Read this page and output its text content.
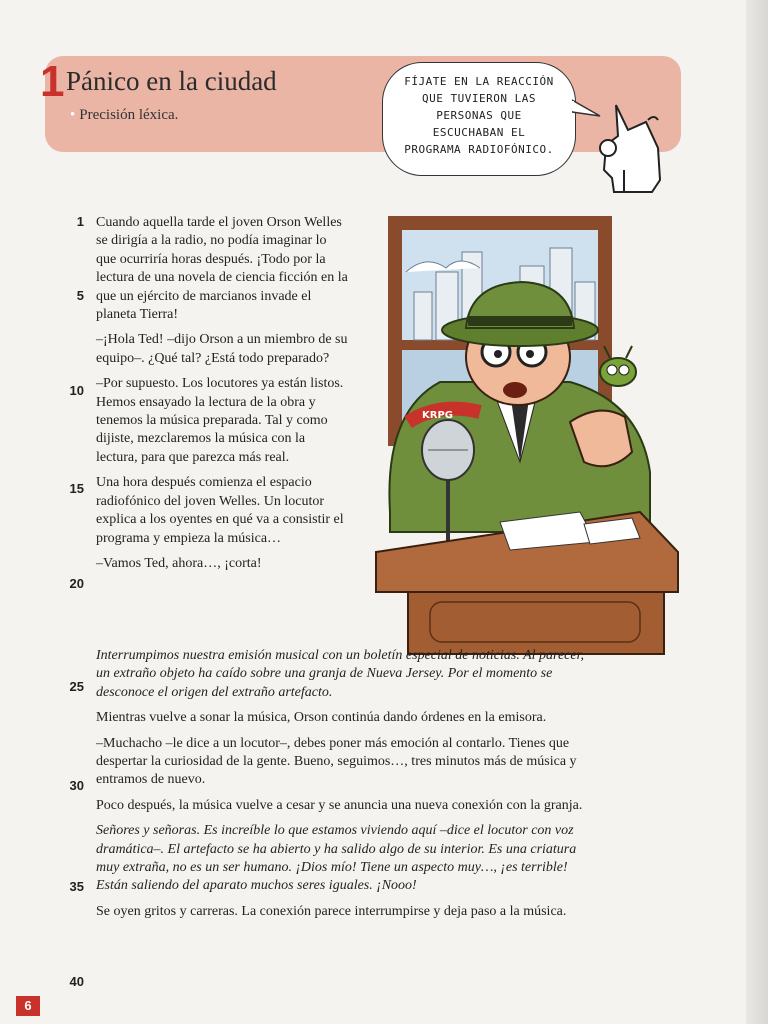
1 Pánico en la ciudad
• Precisión léxica.
FÍJATE EN LA REACCIÓN
QUE TUVIERON LAS
PERSONAS QUE
ESCUCHABAN EL
PROGRAMA RADIOFÓNICO.
KRPG
1
5
10
15
20
25
30
35
40

Cuando aquella tarde el joven Orson Welles se dirigía a la radio, no podía imaginar lo que ocurriría horas después. ¡Todo por la lectura de una novela de ciencia ficción en la que un ejército de marcianos invade el planeta Tierra!

–¡Hola Ted! –dijo Orson a un miembro de su equipo–. ¿Qué tal? ¿Está todo preparado?

–Por supuesto. Los locutores ya están listos. Hemos ensayado la lectura de la obra y tenemos la música preparada. Tal y como dijiste, mezclaremos la música con la lectura, para que parezca más real.

Una hora después comienza el espacio radiofónico del joven Welles. Un locutor explica a los oyentes en qué va a consistir el programa y empieza la música…

–Vamos Ted, ahora…, ¡corta!

Interrumpimos nuestra emisión musical con un boletín especial de noticias. Al parecer, un extraño objeto ha caído sobre una granja de Nueva Jersey. Por el momento se desconoce el origen del extraño artefacto.

Mientras vuelve a sonar la música, Orson continúa dando órdenes en la emisora.

–Muchacho –le dice a un locutor–, debes poner más emoción al contarlo. Tienes que despertar la curiosidad de la gente. Bueno, seguimos…, tres minutos más de música y entramos de nuevo.

Poco después, la música vuelve a cesar y se anuncia una nueva conexión con la granja.

Señores y señoras. Es increíble lo que estamos viviendo aquí –dice el locutor con voz dramática–. El artefacto se ha abierto y ha salido algo de su interior. Es una criatura muy extraña, no es un ser humano. ¡Dios mío! Tiene un aspecto muy…, ¡es terrible! Están saliendo del aparato muchos seres iguales. ¡Nooo!

Se oyen gritos y carreras. La conexión parece interrumpirse y deja paso a la música.

6
